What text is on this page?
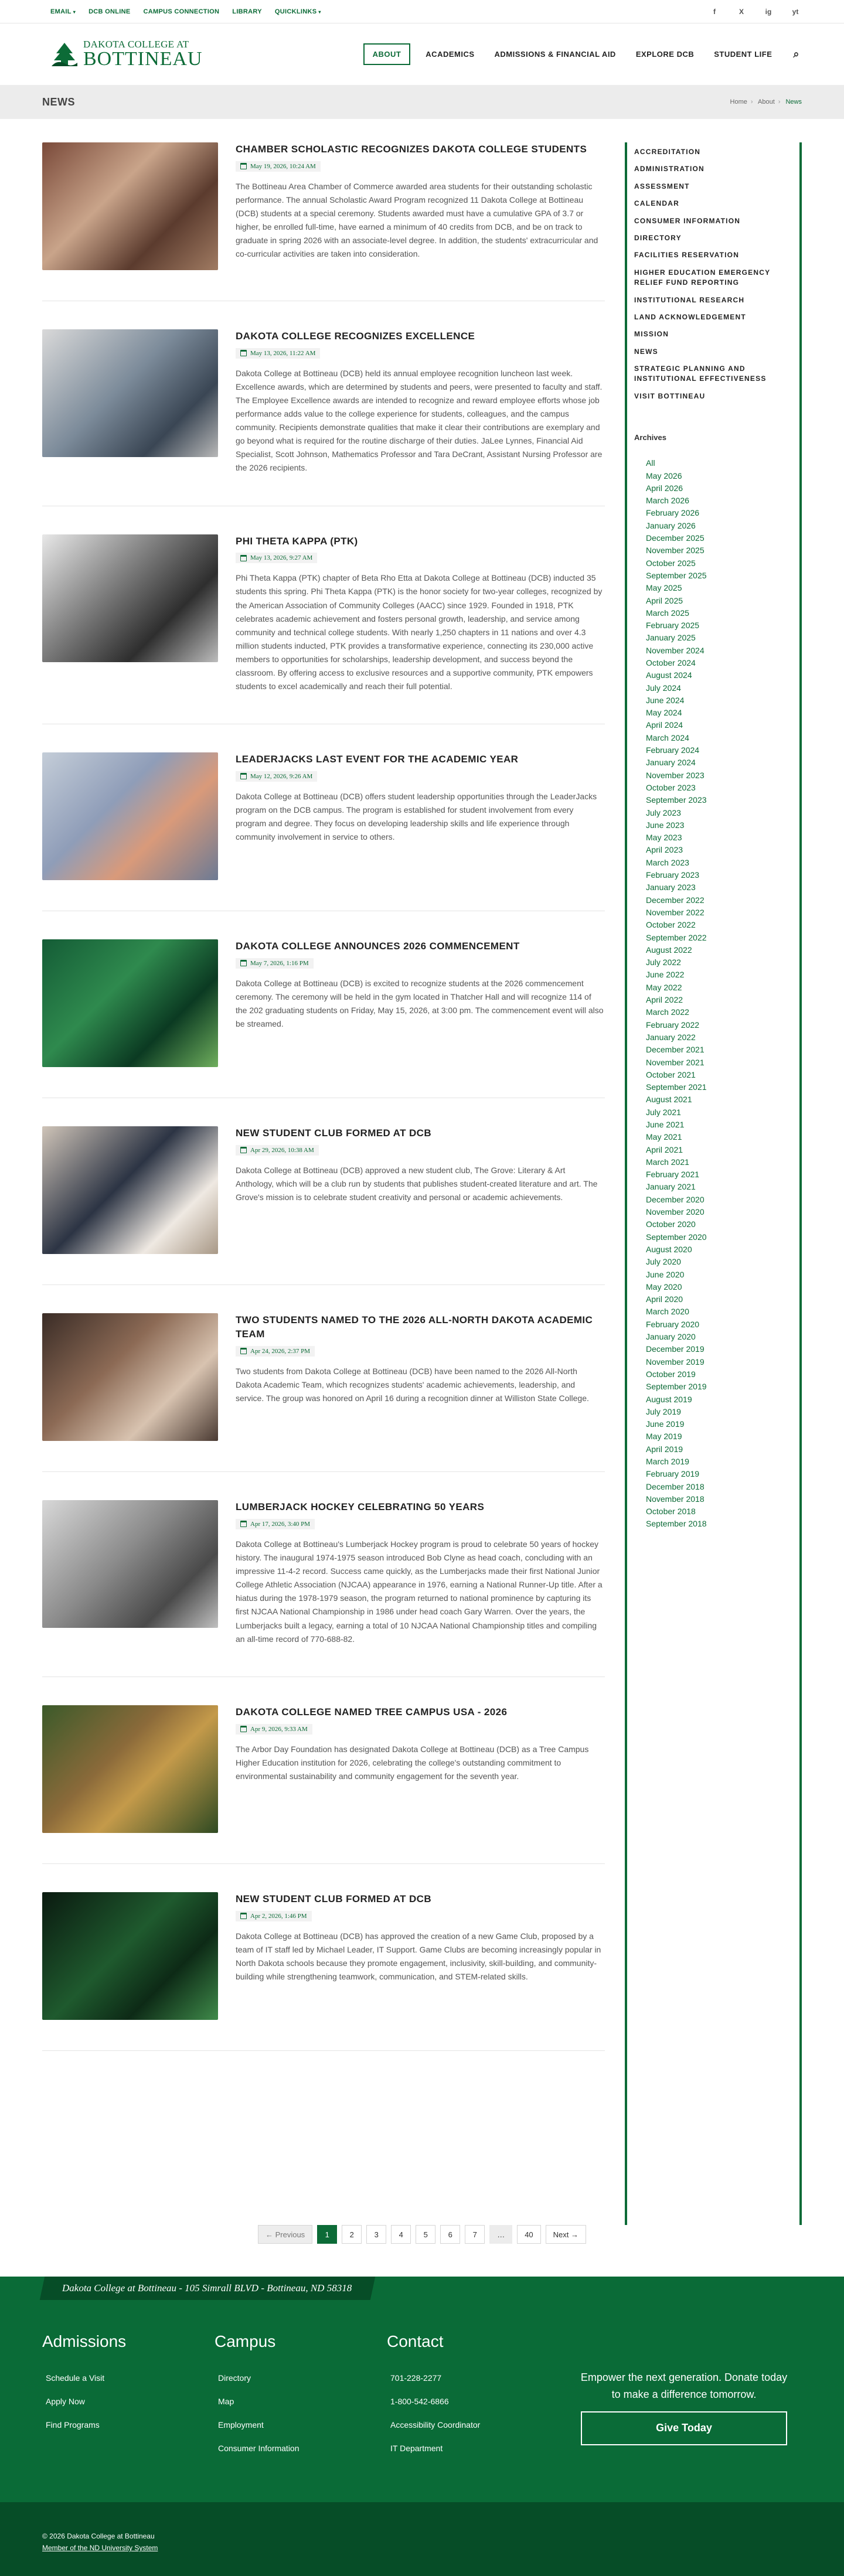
EMAIL ▾ DCB ONLINE CAMPUS CONNECTION LIBRARY QUICKLINKS ▾	f	X	ig	yt
DAKOTA COLLEGE AT
BOTTINEAU	ABOUT	ACADEMICS	ADMISSIONS & FINANCIAL AID	EXPLORE DCB	STUDENT LIFE	⌕
NEWS	Home › About › News
CHAMBER SCHOLASTIC RECOGNIZES DAKOTA COLLEGE STUDENTS
May 19, 2026, 10:24 AM
The Bottineau Area Chamber of Commerce awarded area students for their outstanding scholastic performance. The annual Scholastic Award Program recognized 11 Dakota College at Bottineau (DCB) students at a special ceremony. Students awarded must have a cumulative GPA of 3.7 or higher, be enrolled full-time, have earned a minimum of 40 credits from DCB, and be on track to graduate in spring 2026 with an associate-level degree. In addition, the students' extracurricular and co-curricular activities are taken into consideration.
DAKOTA COLLEGE RECOGNIZES EXCELLENCE
May 13, 2026, 11:22 AM
Dakota College at Bottineau (DCB) held its annual employee recognition luncheon last week. Excellence awards, which are determined by students and peers, were presented to faculty and staff. The Employee Excellence awards are intended to recognize and reward employee efforts whose job performance adds value to the college experience for students, colleagues, and the campus community. Recipients demonstrate qualities that make it clear their contributions are exemplary and go beyond what is required for the routine discharge of their duties. JaLee Lynnes, Financial Aid Specialist, Scott Johnson, Mathematics Professor and Tara DeCrant, Assistant Nursing Professor are the 2026 recipients.
PHI THETA KAPPA (PTK)
May 13, 2026, 9:27 AM
Phi Theta Kappa (PTK) chapter of Beta Rho Etta at Dakota College at Bottineau (DCB) inducted 35 students this spring. Phi Theta Kappa (PTK) is the honor society for two-year colleges, recognized by the American Association of Community Colleges (AACC) since 1929. Founded in 1918, PTK celebrates academic achievement and fosters personal growth, leadership, and service among community and technical college students. With nearly 1,250 chapters in 11 nations and over 4.3 million students inducted, PTK provides a transformative experience, connecting its 230,000 active members to opportunities for scholarships, leadership development, and success beyond the classroom. By offering access to exclusive resources and a supportive community, PTK empowers students to excel academically and reach their full potential.
LEADERJACKS LAST EVENT FOR THE ACADEMIC YEAR
May 12, 2026, 9:26 AM
Dakota College at Bottineau (DCB) offers student leadership opportunities through the LeaderJacks program on the DCB campus. The program is established for student involvement from every program and degree. They focus on developing leadership skills and life experience through community involvement in service to others.
DAKOTA COLLEGE ANNOUNCES 2026 COMMENCEMENT
May 7, 2026, 1:16 PM
Dakota College at Bottineau (DCB) is excited to recognize students at the 2026 commencement ceremony. The ceremony will be held in the gym located in Thatcher Hall and will recognize 114 of the 202 graduating students on Friday, May 15, 2026, at 3:00 pm. The commencement event will also be streamed.
NEW STUDENT CLUB FORMED AT DCB
Apr 29, 2026, 10:38 AM
Dakota College at Bottineau (DCB) approved a new student club, The Grove: Literary & Art Anthology, which will be a club run by students that publishes student-created literature and art. The Grove's mission is to celebrate student creativity and personal or academic achievements.
TWO STUDENTS NAMED TO THE 2026 ALL-NORTH DAKOTA ACADEMIC TEAM
Apr 24, 2026, 2:37 PM
Two students from Dakota College at Bottineau (DCB) have been named to the 2026 All-North Dakota Academic Team, which recognizes students' academic achievements, leadership, and service. The group was honored on April 16 during a recognition dinner at Williston State College.
LUMBERJACK HOCKEY CELEBRATING 50 YEARS
Apr 17, 2026, 3:40 PM
Dakota College at Bottineau's Lumberjack Hockey program is proud to celebrate 50 years of hockey history. The inaugural 1974-1975 season introduced Bob Clyne as head coach, concluding with an impressive 11-4-2 record. Success came quickly, as the Lumberjacks made their first National Junior College Athletic Association (NJCAA) appearance in 1976, earning a National Runner-Up title. After a hiatus during the 1978-1979 season, the program returned to national prominence by capturing its first NJCAA National Championship in 1986 under head coach Gary Warren. Over the years, the Lumberjacks built a legacy, earning a total of 10 NJCAA National Championship titles and compiling an all-time record of 770-688-82.
DAKOTA COLLEGE NAMED TREE CAMPUS USA - 2026
Apr 9, 2026, 9:33 AM
The Arbor Day Foundation has designated Dakota College at Bottineau (DCB) as a Tree Campus Higher Education institution for 2026, celebrating the college's outstanding commitment to environmental sustainability and community engagement for the seventh year.
NEW STUDENT CLUB FORMED AT DCB
Apr 2, 2026, 1:46 PM
Dakota College at Bottineau (DCB) has approved the creation of a new Game Club, proposed by a team of IT staff led by Michael Leader, IT Support. Game Clubs are becoming increasingly popular in North Dakota schools because they promote engagement, inclusivity, skill-building, and community-building while strengthening teamwork, communication, and STEM-related skills.
ACCREDITATION
ADMINISTRATION
ASSESSMENT
CALENDAR
CONSUMER INFORMATION
DIRECTORY
FACILITIES RESERVATION
HIGHER EDUCATION EMERGENCY RELIEF FUND REPORTING
INSTITUTIONAL RESEARCH
LAND ACKNOWLEDGEMENT
MISSION
NEWS
STRATEGIC PLANNING AND INSTITUTIONAL EFFECTIVENESS
VISIT BOTTINEAU
Archives
All
May 2026
April 2026
March 2026
February 2026
January 2026
December 2025
November 2025
October 2025
September 2025
May 2025
April 2025
March 2025
February 2025
January 2025
November 2024
October 2024
August 2024
July 2024
June 2024
May 2024
April 2024
March 2024
February 2024
January 2024
November 2023
October 2023
September 2023
July 2023
June 2023
May 2023
April 2023
March 2023
February 2023
January 2023
December 2022
November 2022
October 2022
September 2022
August 2022
July 2022
June 2022
May 2022
April 2022
March 2022
February 2022
January 2022
December 2021
November 2021
October 2021
September 2021
August 2021
July 2021
June 2021
May 2021
April 2021
March 2021
February 2021
January 2021
December 2020
November 2020
October 2020
September 2020
August 2020
July 2020
June 2020
May 2020
April 2020
March 2020
February 2020
January 2020
December 2019
November 2019
October 2019
September 2019
August 2019
July 2019
June 2019
May 2019
April 2019
March 2019
February 2019
December 2018
November 2018
October 2018
September 2018
← Previous	1	2	3	4	5	6	7	…	40	Next →
Dakota College at Bottineau - 105 Simrall BLVD - Bottineau, ND 58318
Admissions
Schedule a Visit
Apply Now
Find Programs
Campus
Directory
Map
Employment
Consumer Information
Contact
701-228-2277
1-800-542-6866
Accessibility Coordinator
IT Department

Empower the next generation. Donate today to make a difference tomorrow.

Give Today
© 2026 Dakota College at Bottineau
Member of the ND University System
